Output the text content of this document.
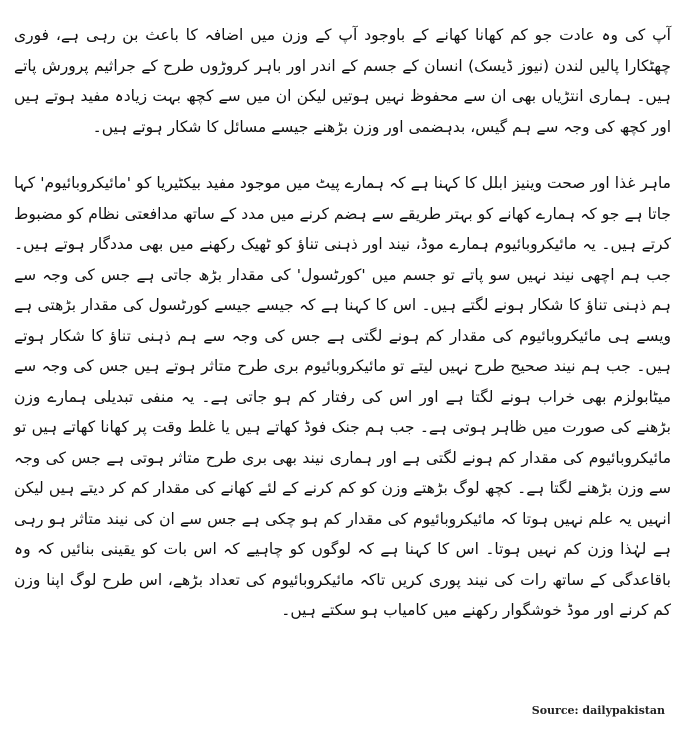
آپ کی وہ عادت جو کم کھانا کھانے کے باوجود آپ کے وزن میں اضافہ کا باعث بن رہی ہے، فوری چھٹکارا پالیں لندن (نیوز ڈیسک) انسان کے جسم کے اندر اور باہر کروڑوں طرح کے جراثیم پرورش پاتے ہیں۔ ہماری انتڑیاں بھی ان سے محفوظ نہیں ہوتیں لیکن ان میں سے کچھ بہت زیادہ مفید ہوتے ہیں اور کچھ کی وجہ سے ہم گیس، بدہضمی اور وزن بڑھنے جیسے مسائل کا شکار ہوتے ہیں۔

ماہر غذا اور صحت وینیز ابلل کا کہنا ہے کہ ہمارے پیٹ میں موجود مفید بیکٹیریا کو 'مائیکروبائیوم' کہا جاتا ہے جو کہ ہمارے کھانے کو بہتر طریقے سے ہضم کرنے میں مدد کے ساتھ مدافعتی نظام کو مضبوط کرتے ہیں۔ یہ مائیکروبائیوم ہمارے موڈ، نیند اور ذہنی تناؤ کو ٹھیک رکھنے میں بھی مددگار ہوتے ہیں۔ جب ہم اچھی نیند نہیں سو پاتے تو جسم میں 'کورٹسول' کی مقدار بڑھ جاتی ہے جس کی وجہ سے ہم ذہنی تناؤ کا شکار ہونے لگتے ہیں۔ اس کا کہنا ہے کہ جیسے جیسے کورٹسول کی مقدار بڑھتی ہے ویسے ہی مائیکروبائیوم کی مقدار کم ہونے لگتی ہے جس کی وجہ سے ہم ذہنی تناؤ کا شکار ہوتے ہیں۔ جب ہم نیند صحیح طرح نہیں لیتے تو مائیکروبائیوم بری طرح متاثر ہوتے ہیں جس کی وجہ سے میٹابولزم بھی خراب ہونے لگتا ہے اور اس کی رفتار کم ہو جاتی ہے۔ یہ منفی تبدیلی ہمارے وزن بڑھنے کی صورت میں ظاہر ہوتی ہے۔ جب ہم جنک فوڈ کھاتے ہیں یا غلط وقت پر کھانا کھاتے ہیں تو مائیکروبائیوم کی مقدار کم ہونے لگتی ہے اور ہماری نیند بھی بری طرح متاثر ہوتی ہے جس کی وجہ سے وزن بڑھنے لگتا ہے۔ کچھ لوگ بڑھتے وزن کو کم کرنے کے لئے کھانے کی مقدار کم کر دیتے ہیں لیکن انہیں یہ علم نہیں ہوتا کہ مائیکروبائیوم کی مقدار کم ہو چکی ہے جس سے ان کی نیند متاثر ہو رہی ہے لہٰذا وزن کم نہیں ہوتا۔ اس کا کہنا ہے کہ لوگوں کو چاہیے کہ اس بات کو یقینی بنائیں کہ وہ باقاعدگی کے ساتھ رات کی نیند پوری کریں تاکہ مائیکروبائیوم کی تعداد بڑھے، اس طرح لوگ اپنا وزن کم کرنے اور موڈ خوشگوار رکھنے میں کامیاب ہو سکتے ہیں۔

Source: dailypakistan
